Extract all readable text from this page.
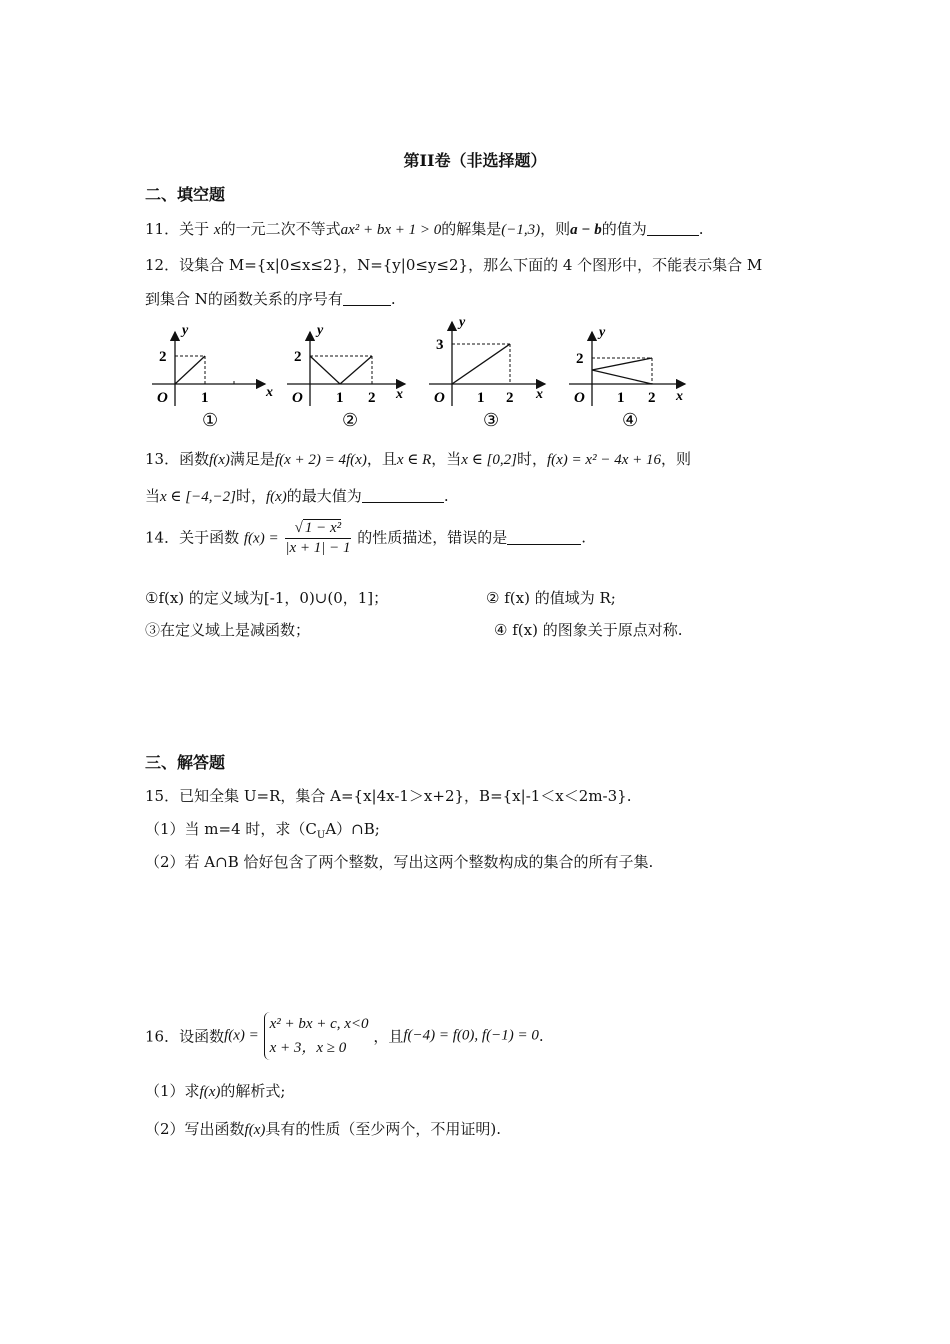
第II卷（非选择题）
二、填空题
11．关于 x的一元二次不等式ax² + bx + 1 > 0的解集是(−1,3)，则a − b的值为	.
12．设集合 M={x|0≤x≤2}，N={y|0≤y≤2}，那么下面的 4 个图形中，不能表示集合 M
到集合 N的函数关系的序号有	.
y
x
O
2
1
①
y
x
O
2
1 2
②
y
x
O
3
1 2
③
y
x
O
2
1 2
④
13．函数f(x)满足是f(x + 2) = 4f(x)，且x ∈ R，当x ∈ [0,2]时，f(x) = x² − 4x + 16，则
当x ∈ [−4,−2]时，f(x)的最大值为	.
14．关于函数 $f(x) = \frac{\text{√ 1 − x²}}{|x + 1| - 1}$ 的性质描述，错误的是	.
①f(x) 的定义域为[-1，0)∪(0，1]；	② f(x) 的值域为 R;
③在定义域上是减函数；	④ f(x) 的图象关于原点对称.
三、解答题
15．已知全集 U=R，集合 A={x|4x-1＞x+2}，B={x|-1＜x＜2m-3}.
（1）当 m=4 时，求$(C_UA)\cap B$;
（2）若 A∩B 恰好包含了两个整数，写出这两个整数构成的集合的所有子集.
16．设函数f(x) =
x² + bx + c, x<0
x + 3，x ≥ 0
，且f(−4) = f(0), f(−1) = 0.
（1）求f(x)的解析式;
（2）写出函数f(x)具有的性质（至少两个，不用证明).
